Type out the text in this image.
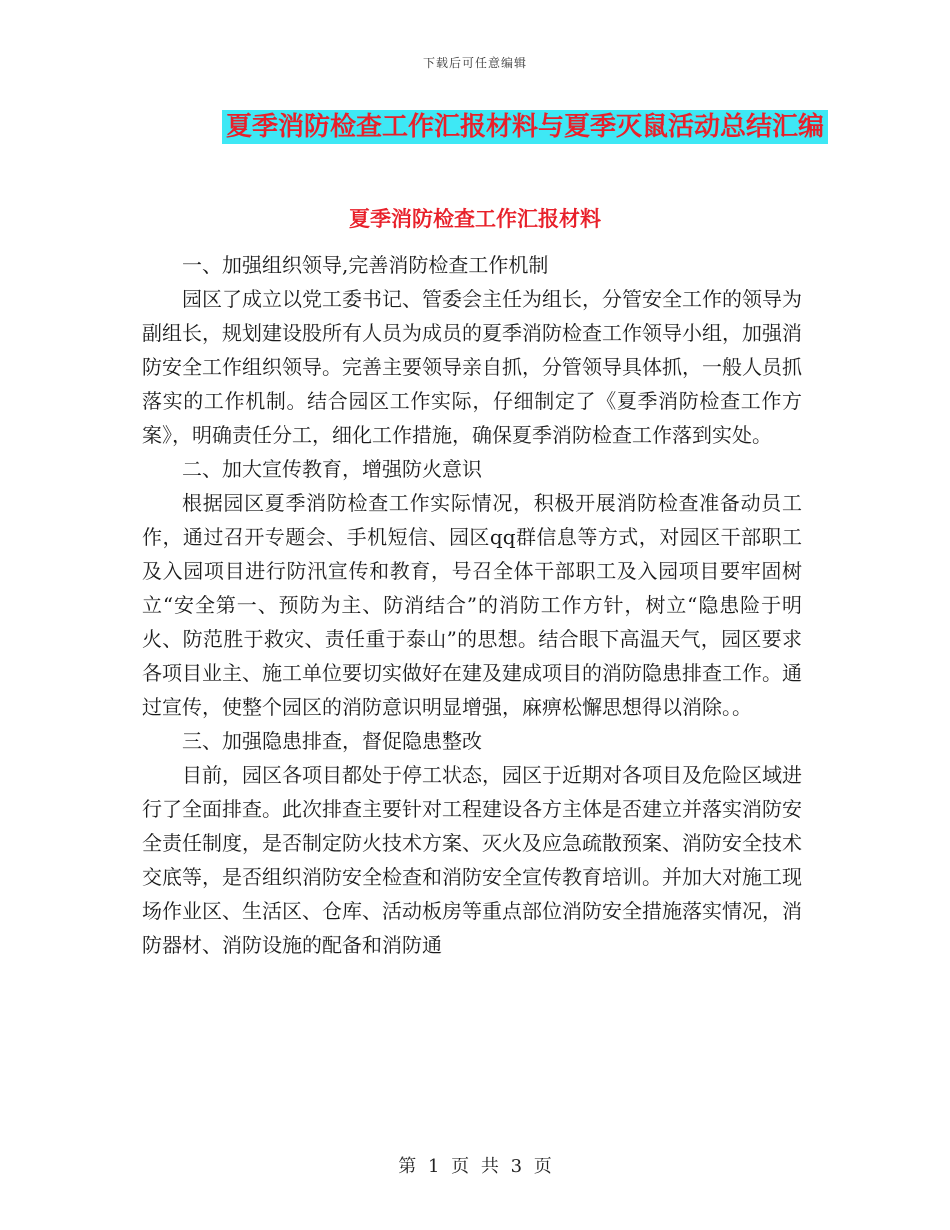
下载后可任意编辑
夏季消防检查工作汇报材料与夏季灭鼠活动总结汇编
夏季消防检查工作汇报材料

一、加强组织领导,完善消防检查工作机制

园区了成立以党工委书记、管委会主任为组长，分管安全工作的领导为副组长，规划建设股所有人员为成员的夏季消防检查工作领导小组，加强消防安全工作组织领导。完善主要领导亲自抓，分管领导具体抓，一般人员抓落实的工作机制。结合园区工作实际，仔细制定了《夏季消防检查工作方案》，明确责任分工，细化工作措施，确保夏季消防检查工作落到实处。

二、加大宣传教育，增强防火意识

根据园区夏季消防检查工作实际情况，积极开展消防检查准备动员工作，通过召开专题会、手机短信、园区qq群信息等方式，对园区干部职工及入园项目进行防汛宣传和教育，号召全体干部职工及入园项目要牢固树立“安全第一、预防为主、防消结合”的消防工作方针，树立“隐患险于明火、防范胜于救灾、责任重于泰山”的思想。结合眼下高温天气，园区要求各项目业主、施工单位要切实做好在建及建成项目的消防隐患排查工作。通过宣传，使整个园区的消防意识明显增强，麻痹松懈思想得以消除。。

三、加强隐患排查，督促隐患整改

目前，园区各项目都处于停工状态，园区于近期对各项目及危险区域进行了全面排查。此次排查主要针对工程建设各方主体是否建立并落实消防安全责任制度，是否制定防火技术方案、灭火及应急疏散预案、消防安全技术交底等，是否组织消防安全检查和消防安全宣传教育培训。并加大对施工现场作业区、生活区、仓库、活动板房等重点部位消防安全措施落实情况，消防器材、消防设施的配备和消防通

第 1 页 共 3 页
